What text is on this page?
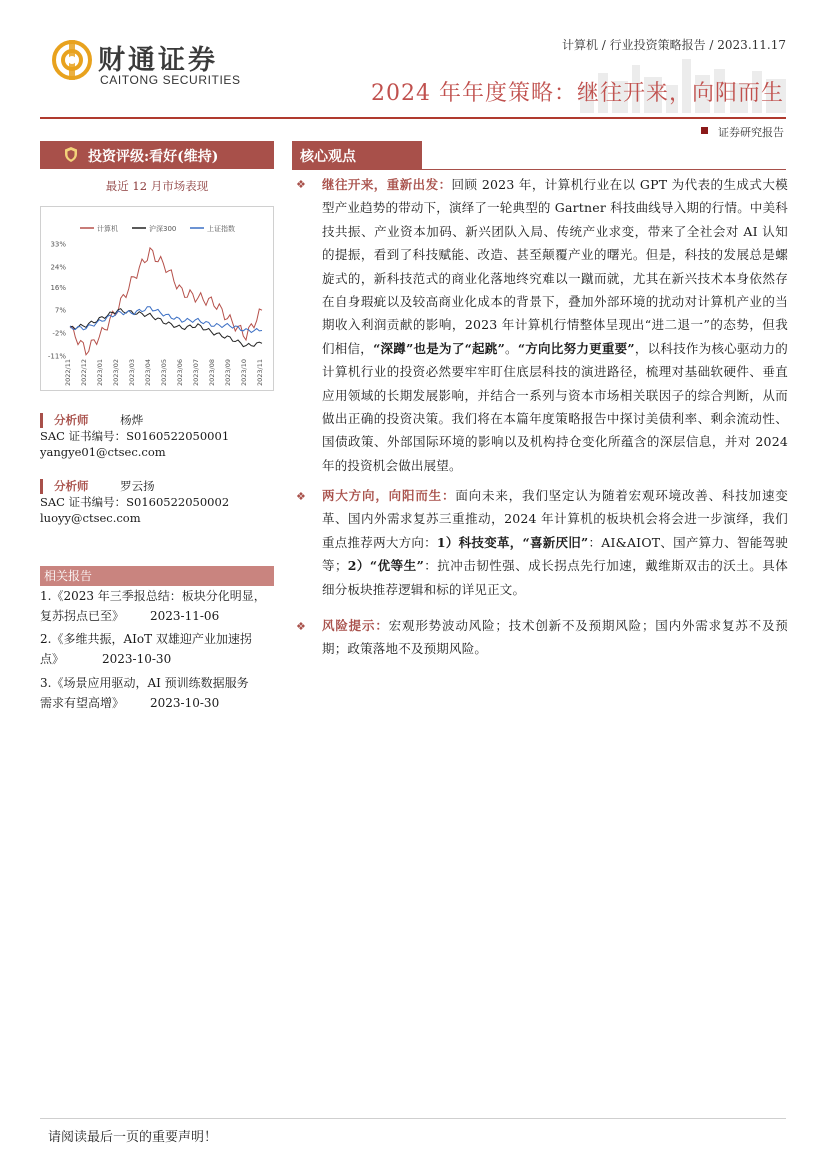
财通证券
CAITONG SECURITIES
计算机 / 行业投资策略报告 / 2023.11.17
2024 年年度策略：继往开来，向阳而生
证券研究报告
投资评级:看好(维持)
最近 12 月市场表现
计算机	沪深300	上证指数
33%
24%
16%
7%
-2%
-11%
2022/11 2022/12 2023/01 2023/02 2023/03 2023/04 2023/05 2023/06 2023/07 2023/08 2023/09 2023/10 2023/11
分析师	杨烨
SAC 证书编号：S0160522050001
yangye01@ctsec.com
分析师	罗云扬
SAC 证书编号：S0160522050002
luoyy@ctsec.com
相关报告
1.《2023 年三季报总结：板块分化明显，
复苏拐点已至》 2023-11-06
2.《多维共振，AIoT 双雄迎产业加速拐
点》	2023-10-30
3.《场景应用驱动，AI 预训练数据服务
需求有望高增》 2023-10-30
核心观点
❖ 继往开来，重新出发：回顾 2023 年，计算机行业在以 GPT 为代表的生成式大模型产业趋势的带动下，演绎了一轮典型的 Gartner 科技曲线导入期的行情。中美科技共振、产业资本加码、新兴团队入局、传统产业求变，带来了全社会对 AI 认知的提振，看到了科技赋能、改造、甚至颠覆产业的曙光。但是，科技的发展总是螺旋式的，新科技范式的商业化落地终究难以一蹴而就，尤其在新兴技术本身依然存在自身瑕疵以及较高商业化成本的背景下，叠加外部环境的扰动对计算机产业的当期收入利润贡献的影响，2023 年计算机行情整体呈现出“进二退一”的态势，但我们相信，“深蹲”也是为了“起跳”。“方向比努力更重要”，以科技作为核心驱动力的计算机行业的投资必然要牢牢盯住底层科技的演进路径，梳理对基础软硬件、垂直应用领域的长期发展影响，并结合一系列与资本市场相关联因子的综合判断，从而做出正确的投资决策。我们将在本篇年度策略报告中探讨美债利率、剩余流动性、国债政策、外部国际环境的影响以及机构持仓变化所蕴含的深层信息，并对 2024 年的投资机会做出展望。
❖ 两大方向，向阳而生：面向未来，我们坚定认为随着宏观环境改善、科技加速变革、国内外需求复苏三重推动，2024 年计算机的板块机会将会进一步演绎，我们重点推荐两大方向：1）科技变革，“喜新厌旧”：AI&AIOT、国产算力、智能驾驶等；2）“优等生”：抗冲击韧性强、成长拐点先行加速，戴维斯双击的沃土。具体细分板块推荐逻辑和标的详见正文。
❖ 风险提示：宏观形势波动风险；技术创新不及预期风险；国内外需求复苏不及预期；政策落地不及预期风险。
请阅读最后一页的重要声明！
